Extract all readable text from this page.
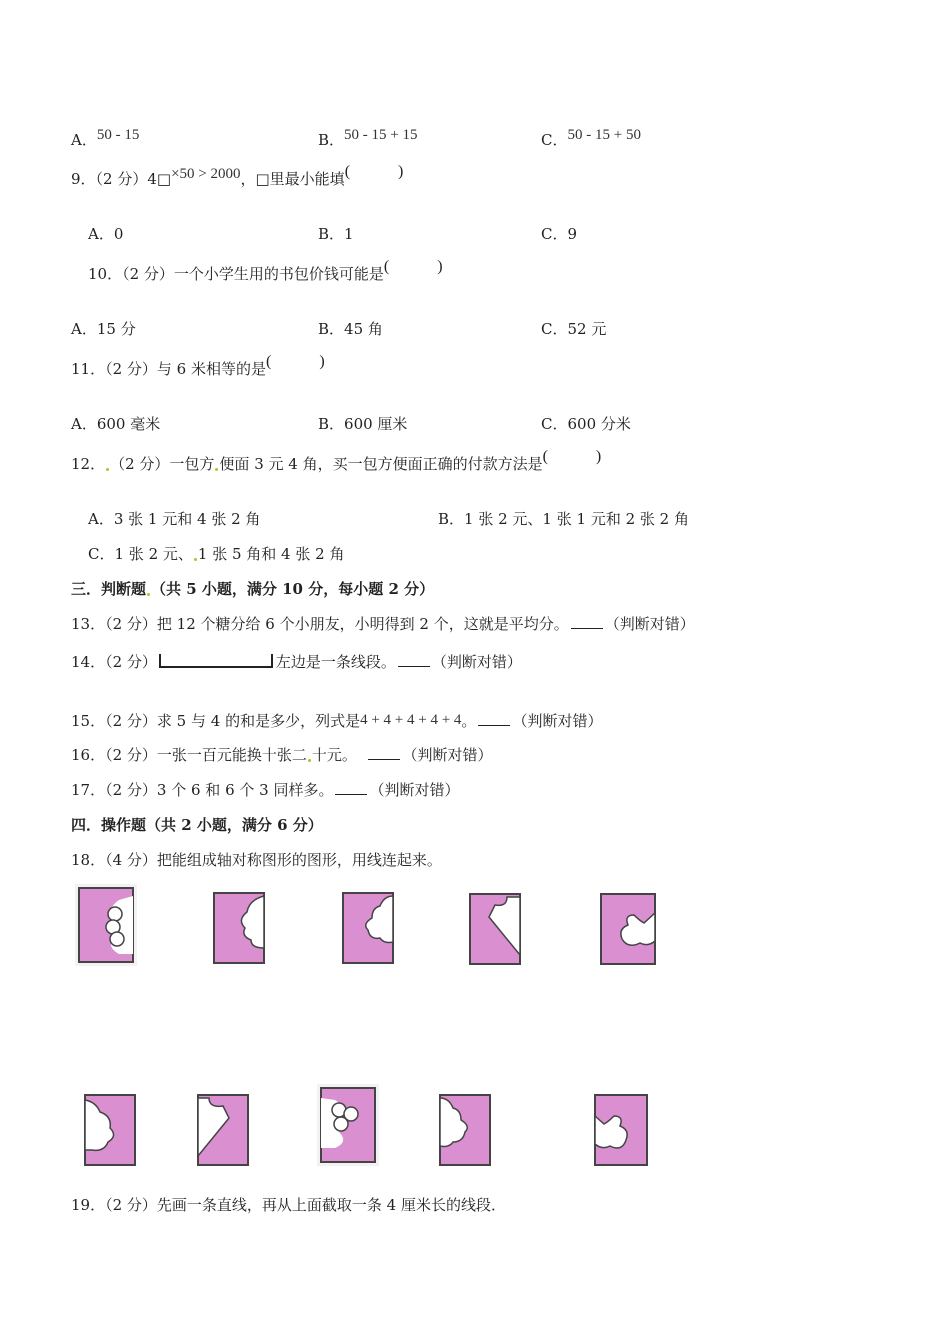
A．50 - 15	B．50 - 15 + 15	C．50 - 15 + 50
9．（2 分）4□×50 > 2000，□里最小能填( )
A．0	B．1	C．9
10．（2 分）一个小学生用的书包价钱可能是( )
A．15 分	B．45 角	C．52 元
11．（2 分）与 6 米相等的是( )
A．600 毫米	B．600 厘米	C．600 分米
12． （2 分）一包方 便面 3 元 4 角，买一包方便面正确的付款方法是( )
A．3 张 1 元和 4 张 2 角	B．1 张 2 元、1 张 1 元和 2 张 2 角
C．1 张 2 元、 1 张 5 角和 4 张 2 角
三．判断题 （共 5 小题，满分 10 分，每小题 2 分）
13．（2 分）把 12 个糖分给 6 个小朋友，小明得到 2 个，这就是平均分。 （判断对错）
14．（2 分）	左边是一条线段。 （判断对错）
15．（2 分）求 5 与 4 的和是多少，列式是4 + 4 + 4 + 4 + 4。 （判断对错）
16．（2 分）一张一百元能换十张二 十元。	（判断对错）
17．（2 分）3 个 6 和 6 个 3 同样多。 （判断对错）
四．操作题（共 2 小题，满分 6 分）
18．（4 分）把能组成轴对称图形的图形，用线连起来。
19．（2 分）先画一条直线，再从上面截取一条 4 厘米长的线段．
